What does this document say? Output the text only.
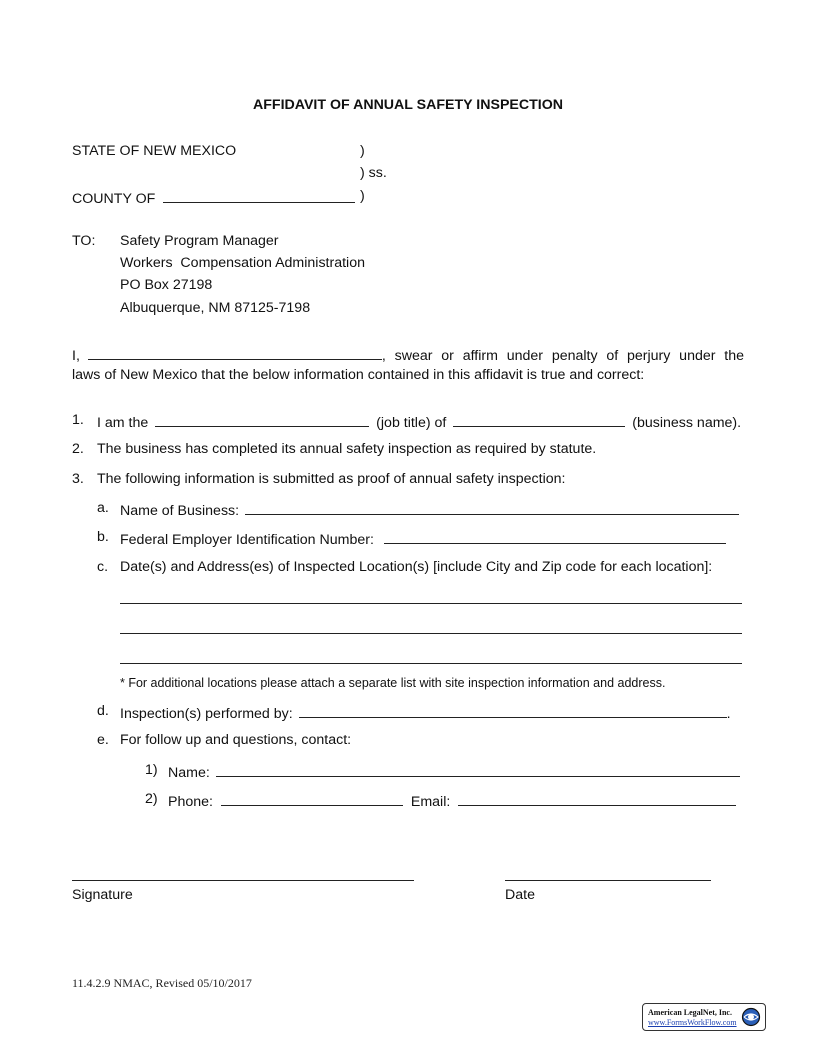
AFFIDAVIT OF ANNUAL SAFETY INSPECTION
STATE OF NEW MEXICO	)
) ss.
COUNTY OF	)
TO: Safety Program Manager
Workers  Compensation Administration
PO Box 27198
Albuquerque, NM 87125-7198
I,	, swear or affirm under penalty of perjury under the
laws of New Mexico that the below information contained in this affidavit is true and correct:
1. I am the	(job title) of	(business name).
2. The business has completed its annual safety inspection as required by statute.
3. The following information is submitted as proof of annual safety inspection:
a. Name of Business:
b. Federal Employer Identification Number:
c. Date(s) and Address(es) of Inspected Location(s) [include City and Zip code for each location]:
* For additional locations please attach a separate list with site inspection information and address.
d. Inspection(s) performed by:	.
e. For follow up and questions, contact:
1) Name:
2) Phone:	Email:
Signature	Date
11.4.2.9 NMAC, Revised 05/10/2017
American LegalNet, Inc.
www.FormsWorkFlow.com
